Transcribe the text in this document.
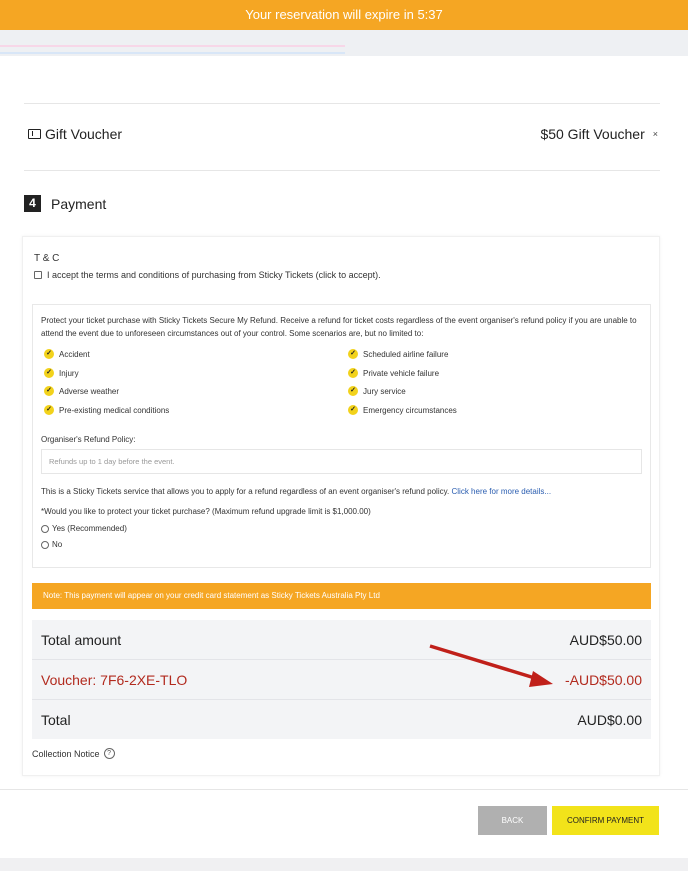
Your reservation will expire in 5:37
Gift Voucher	$50 Gift Voucher ×
4	Payment
T & C
I accept the terms and conditions of purchasing from Sticky Tickets (click to accept).
Protect your ticket purchase with Sticky Tickets Secure My Refund. Receive a refund for ticket costs regardless of the event organiser's refund policy if you are unable to attend the event due to unforeseen circumstances out of your control. Some scenarios are, but no limited to:
✓ Accident
✓ Injury
✓ Adverse weather
✓ Pre-existing medical conditions
✓ Scheduled airline failure
✓ Private vehicle failure
✓ Jury service
✓ Emergency circumstances
Organiser's Refund Policy:
Refunds up to 1 day before the event.
This is a Sticky Tickets service that allows you to apply for a refund regardless of an event organiser's refund policy. Click here for more details...
*Would you like to protect your ticket purchase? (Maximum refund upgrade limit is $1,000.00)
Yes (Recommended)
No
Note: This payment will appear on your credit card statement as Sticky Tickets Australia Pty Ltd
Total amount	AUD$50.00
Voucher: 7F6-2XE-TLO	-AUD$50.00
Total	AUD$0.00
Collection Notice	?
BACK	CONFIRM PAYMENT
